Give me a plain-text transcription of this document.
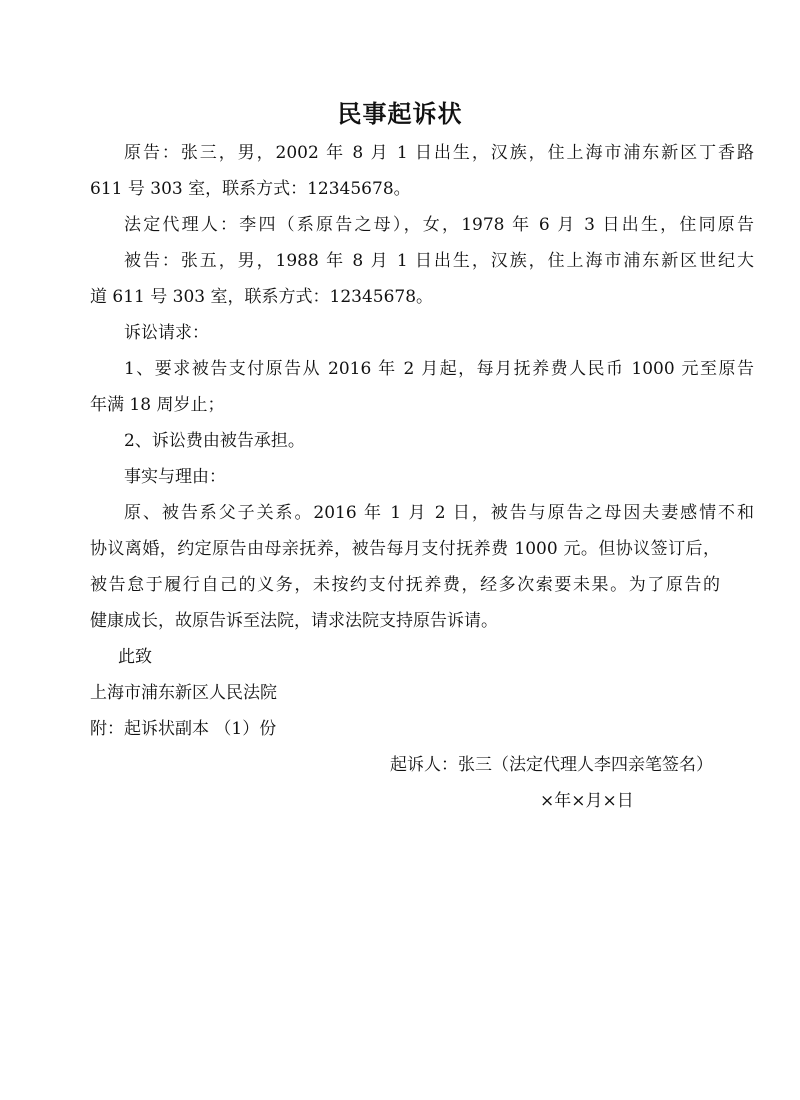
民事起诉状

原告：张三，男，2002 年 8 月 1 日出生，汉族，住上海市浦东新区丁香路

611 号 303 室，联系方式：12345678。

法定代理人：李四（系原告之母），女，1978 年 6 月 3 日出生，住同原告

被告：张五，男，1988 年 8 月 1 日出生，汉族，住上海市浦东新区世纪大

道 611 号 303 室，联系方式：12345678。

诉讼请求：

1、要求被告支付原告从 2016 年 2 月起，每月抚养费人民币 1000 元至原告

年满 18 周岁止；

2、诉讼费由被告承担。

事实与理由：

原、被告系父子关系。2016 年 1 月 2 日，被告与原告之母因夫妻感情不和

协议离婚，约定原告由母亲抚养，被告每月支付抚养费 1000 元。但协议签订后，

被告怠于履行自己的义务，未按约支付抚养费，经多次索要未果。为了原告的

健康成长，故原告诉至法院，请求法院支持原告诉请。

此致

上海市浦东新区人民法院

附：起诉状副本 （1）份

起诉人：张三（法定代理人李四亲笔签名）

×年×月×日
